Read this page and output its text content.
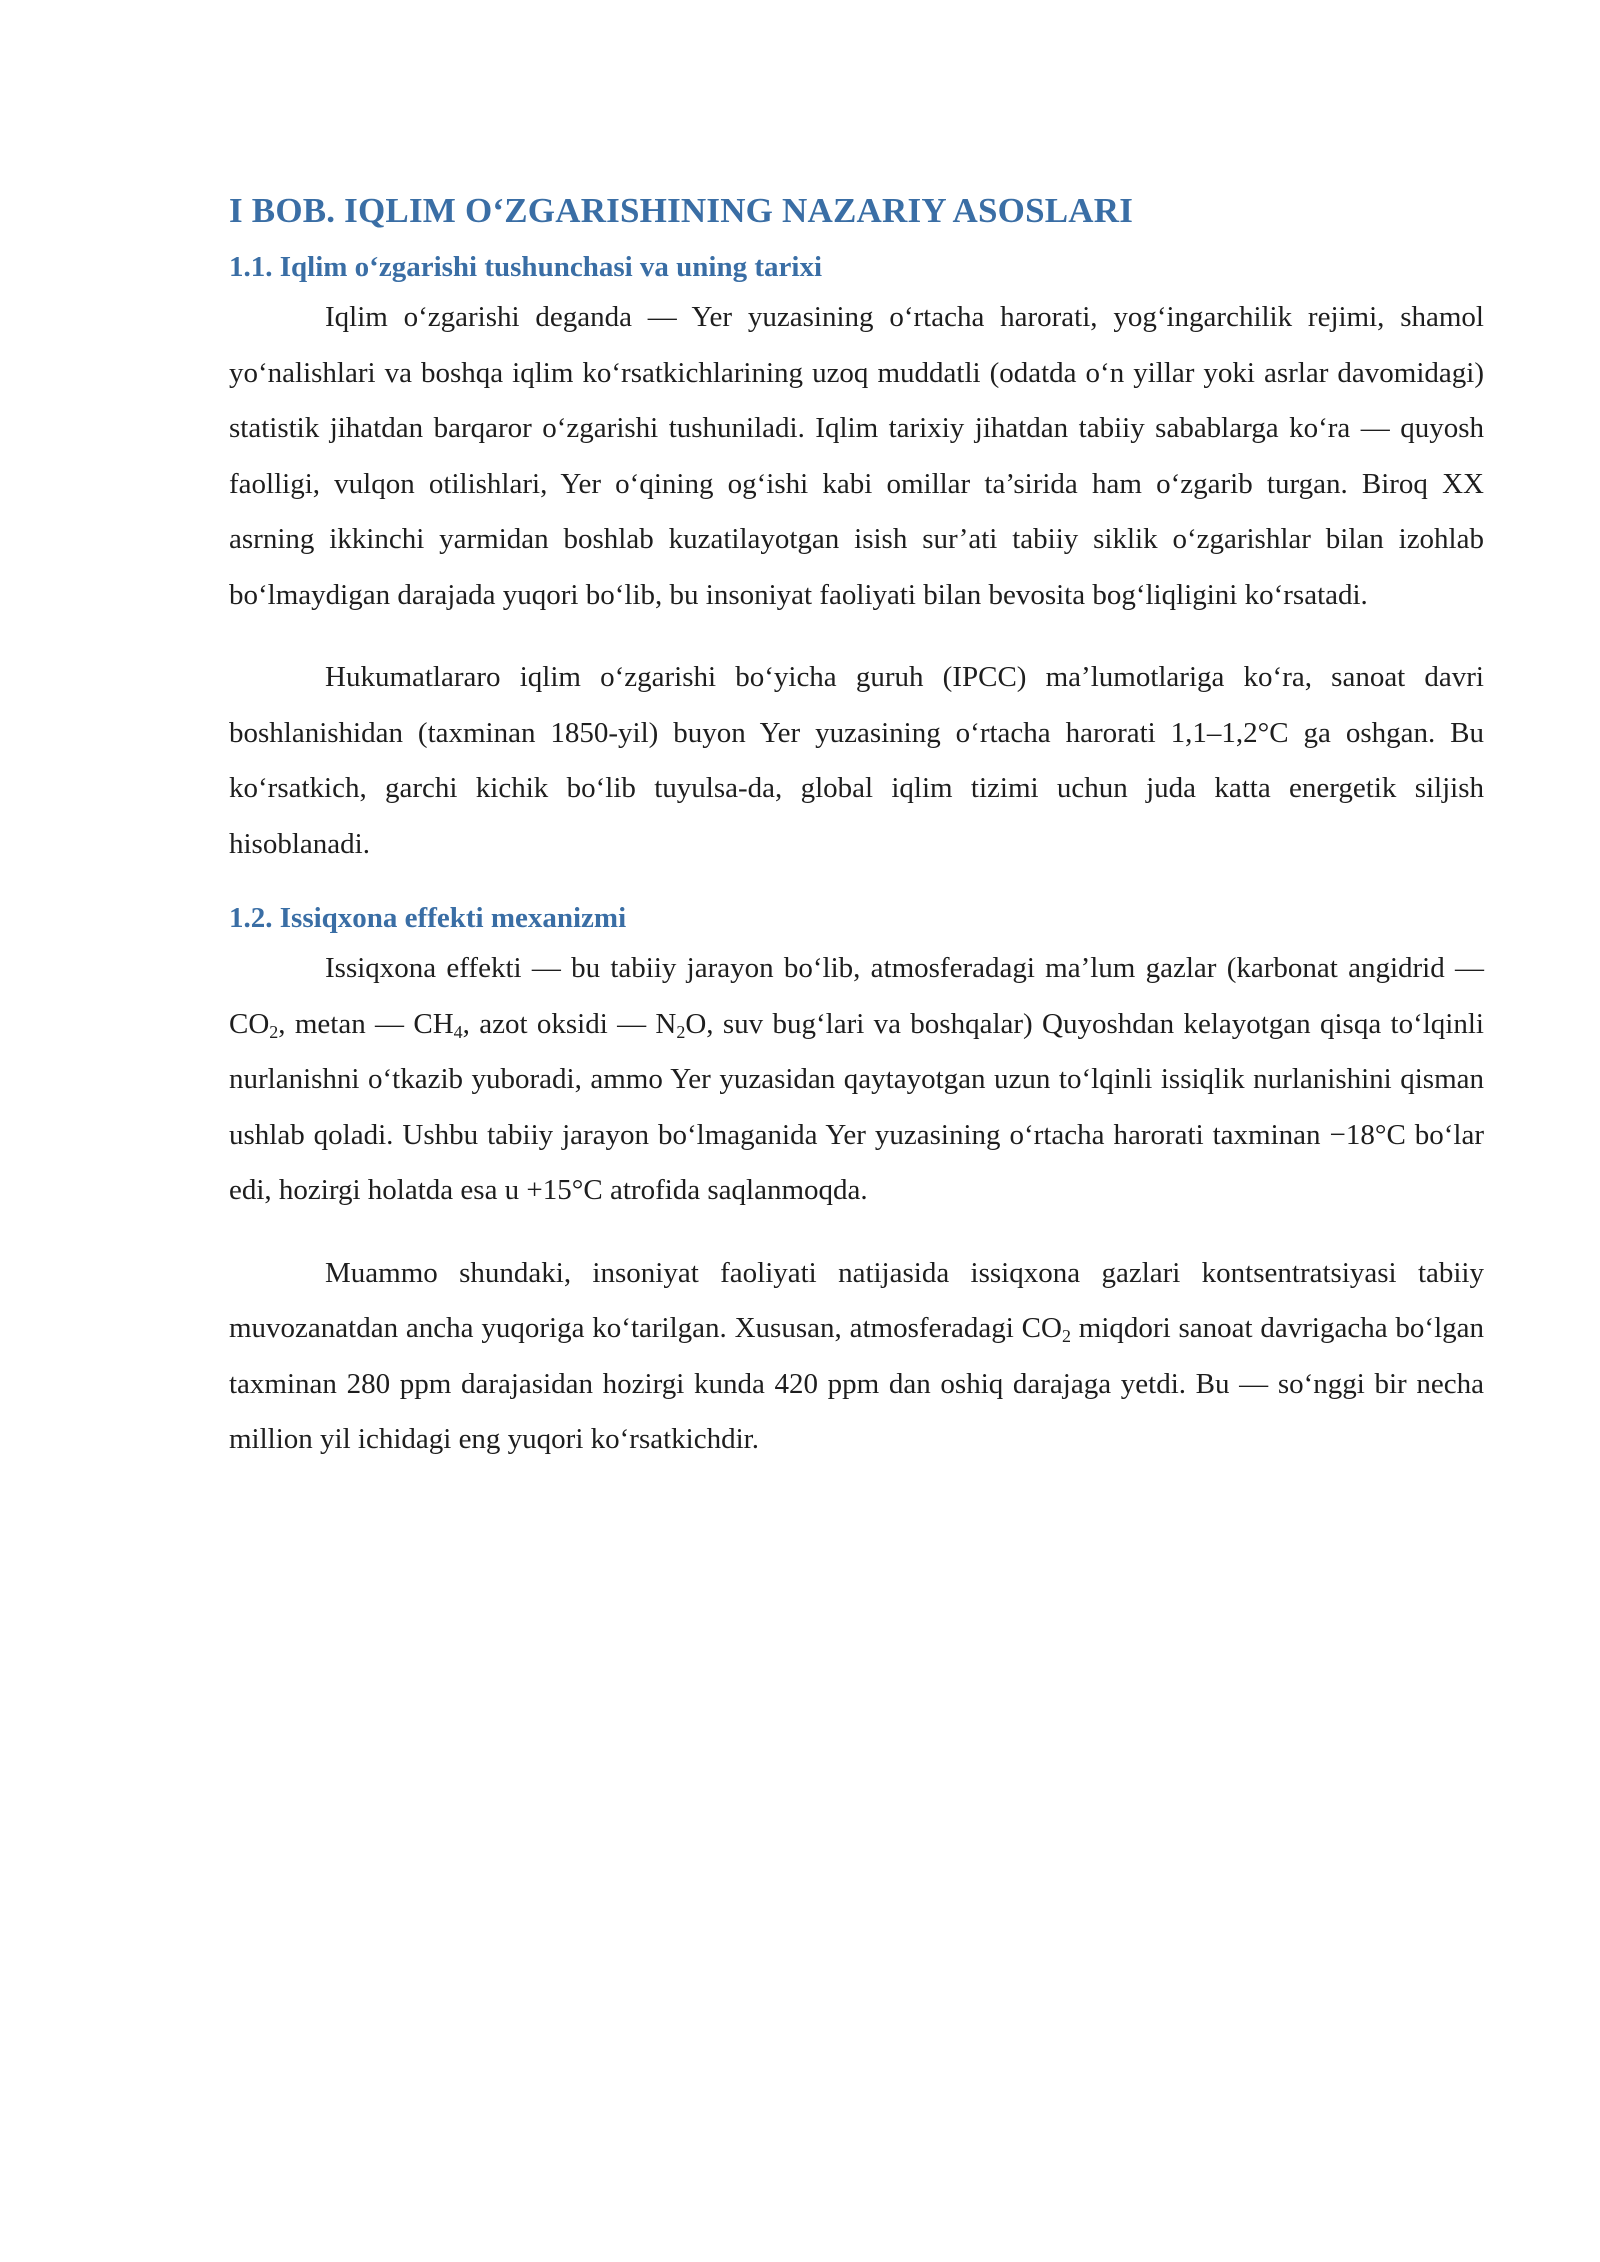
I BOB. IQLIM O‘ZGARISHINING NAZARIY ASOSLARI
1.1. Iqlim o‘zgarishi tushunchasi va uning tarixi

Iqlim o‘zgarishi deganda — Yer yuzasining o‘rtacha harorati, yog‘ingarchilik rejimi, shamol yo‘nalishlari va boshqa iqlim ko‘rsatkichlarining uzoq muddatli (odatda o‘n yillar yoki asrlar davomidagi) statistik jihatdan barqaror o‘zgarishi tushuniladi. Iqlim tarixiy jihatdan tabiiy sabablarga ko‘ra — quyosh faolligi, vulqon otilishlari, Yer o‘qining og‘ishi kabi omillar ta’sirida ham o‘zgarib turgan. Biroq XX asrning ikkinchi yarmidan boshlab kuzatilayotgan isish sur’ati tabiiy siklik o‘zgarishlar bilan izohlab bo‘lmaydigan darajada yuqori bo‘lib, bu insoniyat faoliyati bilan bevosita bog‘liqligini ko‘rsatadi.

Hukumatlararo iqlim o‘zgarishi bo‘yicha guruh (IPCC) ma’lumotlariga ko‘ra, sanoat davri boshlanishidan (taxminan 1850-yil) buyon Yer yuzasining o‘rtacha harorati 1,1–1,2°C ga oshgan. Bu ko‘rsatkich, garchi kichik bo‘lib tuyulsa-da, global iqlim tizimi uchun juda katta energetik siljish hisoblanadi.

1.2. Issiqxona effekti mexanizmi

Issiqxona effekti — bu tabiiy jarayon bo‘lib, atmosferadagi ma’lum gazlar (karbonat angidrid — $CO_2$, metan — $CH_4$, azot oksidi — $N_2O$, suv bug‘lari va boshqalar) Quyoshdan kelayotgan qisqa to‘lqinli nurlanishni o‘tkazib yuboradi, ammo Yer yuzasidan qaytayotgan uzun to‘lqinli issiqlik nurlanishini qisman ushlab qoladi. Ushbu tabiiy jarayon bo‘lmaganida Yer yuzasining o‘rtacha harorati taxminan −18°C bo‘lar edi, hozirgi holatda esa u +15°C atrofida saqlanmoqda.

Muammo shundaki, insoniyat faoliyati natijasida issiqxona gazlari kontsentratsiyasi tabiiy muvozanatdan ancha yuqoriga ko‘tarilgan. Xususan, atmosferadagi $CO_2$ miqdori sanoat davrigacha bo‘lgan taxminan 280 ppm darajasidan hozirgi kunda 420 ppm dan oshiq darajaga yetdi. Bu — so‘nggi bir necha million yil ichidagi eng yuqori ko‘rsatkichdir.
